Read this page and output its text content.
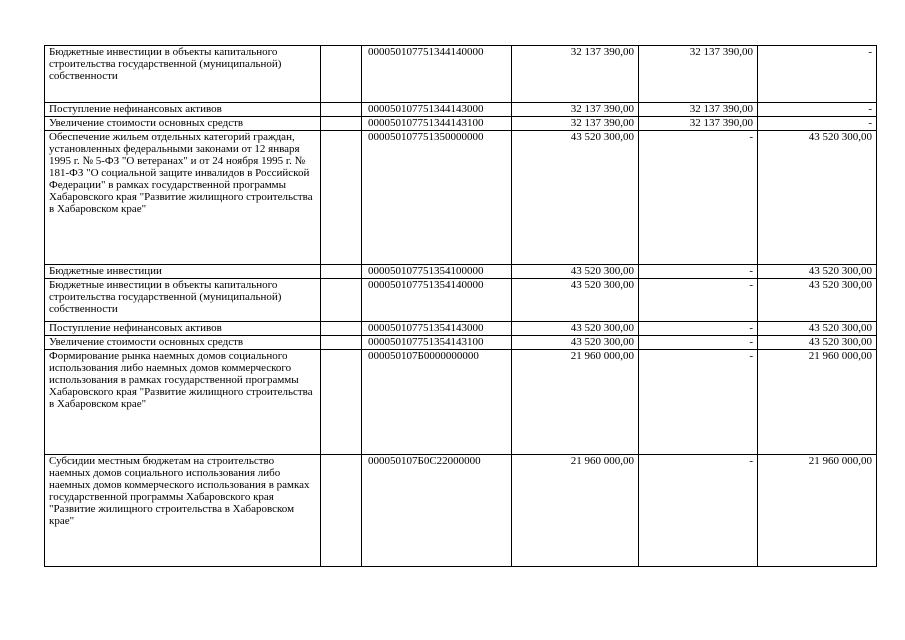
Бюджетные инвестиции в объекты капитального строительства государственной (муниципальной) собственности		000050107751344140000	32 137 390,00	32 137 390,00	-
Поступление нефинансовых активов		000050107751344143000	32 137 390,00	32 137 390,00	-
Увеличение стоимости основных средств		000050107751344143100	32 137 390,00	32 137 390,00	-
Обеспечение жильем отдельных категорий граждан, установленных федеральными законами от 12 января 1995 г. № 5-ФЗ "О ветеранах" и от 24 ноября 1995 г. № 181-ФЗ "О социальной защите инвалидов в Российской Федерации" в рамках государственной программы Хабаровского края "Развитие жилищного строительства в Хабаровском крае"		000050107751350000000	43 520 300,00	-	43 520 300,00
Бюджетные инвестиции		000050107751354100000	43 520 300,00	-	43 520 300,00
Бюджетные инвестиции в объекты капитального строительства государственной (муниципальной) собственности		000050107751354140000	43 520 300,00	-	43 520 300,00
Поступление нефинансовых активов		000050107751354143000	43 520 300,00	-	43 520 300,00
Увеличение стоимости основных средств		000050107751354143100	43 520 300,00	-	43 520 300,00
Формирование рынка наемных домов социального использования либо наемных домов коммерческого использования в рамках государственной программы Хабаровского края "Развитие жилищного строительства в Хабаровском крае"		000050107Б0000000000	21 960 000,00	-	21 960 000,00
Субсидии местным бюджетам на строительство наемных домов социального использования либо наемных домов коммерческого использования в рамках государственной программы Хабаровского края "Развитие жилищного строительства в Хабаровском крае"		000050107Б0С22000000	21 960 000,00	-	21 960 000,00
